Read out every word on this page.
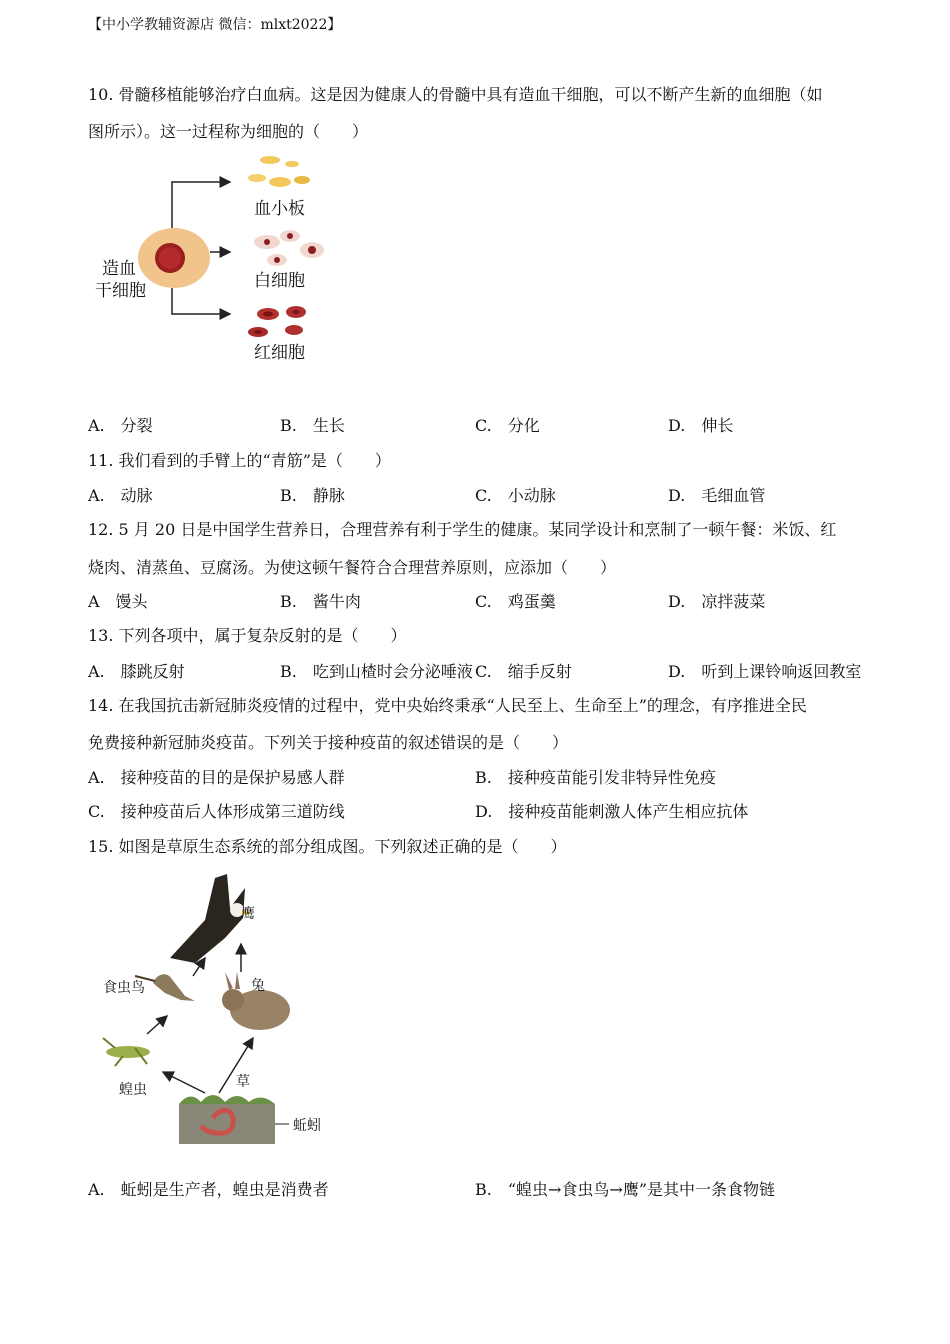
【中小学教辅资源店 微信：mlxt2022】
10. 骨髓移植能够治疗白血病。这是因为健康人的骨髓中具有造血干细胞，可以不断产生新的血细胞（如
图所示）。这一过程称为细胞的（　　）
血小板
白细胞
红细胞
造血
干细胞
A.　分裂	B.　生长	C.　分化	D.　伸长
11. 我们看到的手臂上的“青筋”是（　　）
A.　动脉	B.　静脉	C.　小动脉	D.　毛细血管
12. 5 月 20 日是中国学生营养日，合理营养有利于学生的健康。某同学设计和烹制了一顿午餐：米饭、红
烧肉、清蒸鱼、豆腐汤。为使这顿午餐符合合理营养原则，应添加（　　）
A　馒头	B.　酱牛肉	C.　鸡蛋羹	D.　凉拌菠菜
13. 下列各项中，属于复杂反射的是（　　）
A.　膝跳反射	B.　吃到山楂时会分泌唾液 C.　缩手反射	D.　听到上课铃响返回教室
14. 在我国抗击新冠肺炎疫情的过程中，党中央始终秉承“人民至上、生命至上”的理念，有序推进全民
免费接种新冠肺炎疫苗。下列关于接种疫苗的叙述错误的是（　　）
A.　接种疫苗的目的是保护易感人群	B.　接种疫苗能引发非特异性免疫
C.　接种疫苗后人体形成第三道防线	D.　接种疫苗能刺激人体产生相应抗体
15. 如图是草原生态系统的部分组成图。下列叙述正确的是（　　）
鹰
食虫鸟	兔
蝗虫	草
蚯蚓
A.　蚯蚓是生产者，蝗虫是消费者	B.　“蝗虫→食虫鸟→鹰”是其中一条食物链
